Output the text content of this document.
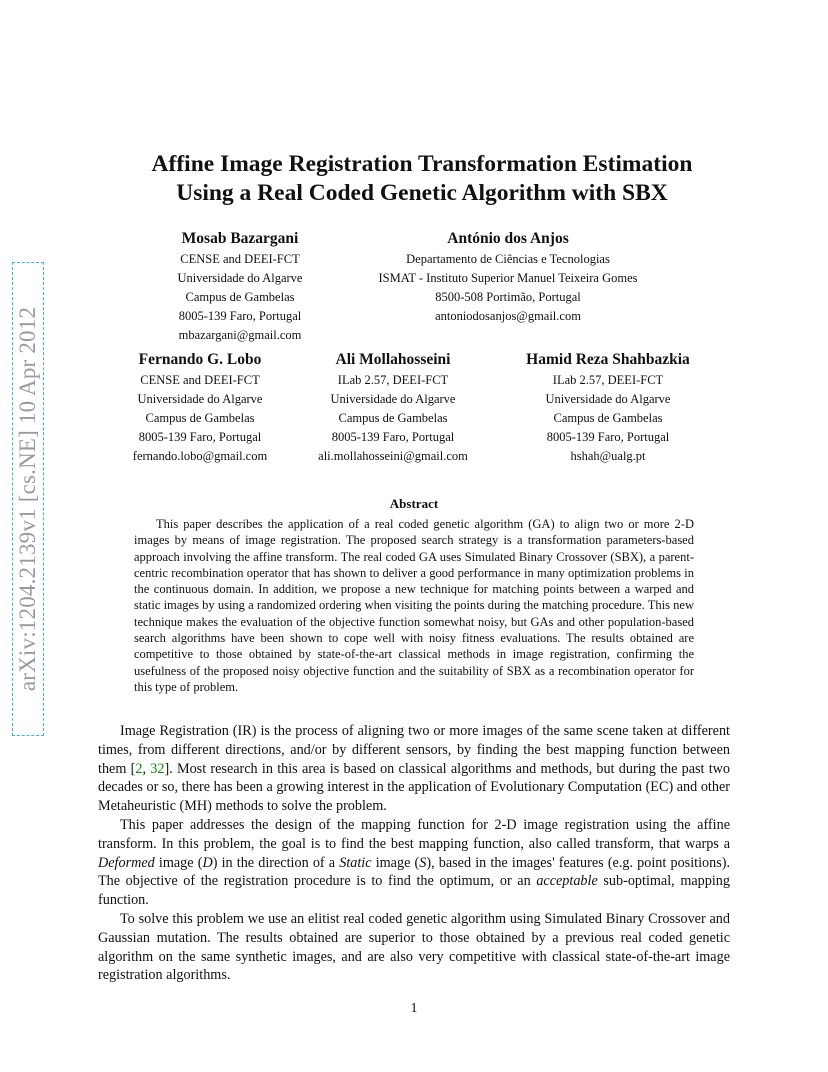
arXiv:1204.2139v1 [cs.NE] 10 Apr 2012
Affine Image Registration Transformation Estimation
Using a Real Coded Genetic Algorithm with SBX
Mosab Bazargani
CENSE and DEEI-FCT
Universidade do Algarve
Campus de Gambelas
8005-139 Faro, Portugal
mbazargani@gmail.com
António dos Anjos
Departamento de Ciências e Tecnologias
ISMAT - Instituto Superior Manuel Teixeira Gomes
8500-508 Portimão, Portugal
antoniodosanjos@gmail.com
Fernando G. Lobo
CENSE and DEEI-FCT
Universidade do Algarve
Campus de Gambelas
8005-139 Faro, Portugal
fernando.lobo@gmail.com
Ali Mollahosseini
ILab 2.57, DEEI-FCT
Universidade do Algarve
Campus de Gambelas
8005-139 Faro, Portugal
ali.mollahosseini@gmail.com
Hamid Reza Shahbazkia
ILab 2.57, DEEI-FCT
Universidade do Algarve
Campus de Gambelas
8005-139 Faro, Portugal
hshah@ualg.pt
Abstract
This paper describes the application of a real coded genetic algorithm (GA) to align two or more 2-D images by means of image registration. The proposed search strategy is a transformation parameters-based approach involving the affine transform. The real coded GA uses Simulated Binary Crossover (SBX), a parent-centric recombination operator that has shown to deliver a good performance in many optimization problems in the continuous domain. In addition, we propose a new technique for matching points between a warped and static images by using a randomized ordering when visiting the points during the matching procedure. This new technique makes the evaluation of the objective function somewhat noisy, but GAs and other population-based search algorithms have been shown to cope well with noisy fitness evaluations. The results obtained are competitive to those obtained by state-of-the-art classical methods in image registration, confirming the usefulness of the proposed noisy objective function and the suitability of SBX as a recombination operator for this type of problem.

Image Registration (IR) is the process of aligning two or more images of the same scene taken at different times, from different directions, and/or by different sensors, by finding the best mapping function between them [2, 32]. Most research in this area is based on classical algorithms and methods, but during the past two decades or so, there has been a growing interest in the application of Evolutionary Computation (EC) and other Metaheuristic (MH) methods to solve the problem.

This paper addresses the design of the mapping function for 2-D image registration using the affine transform. In this problem, the goal is to find the best mapping function, also called transform, that warps a Deformed image (D) in the direction of a Static image (S), based in the images' features (e.g. point positions). The objective of the registration procedure is to find the optimum, or an acceptable sub-optimal, mapping function.

To solve this problem we use an elitist real coded genetic algorithm using Simulated Binary Crossover and Gaussian mutation. The results obtained are superior to those obtained by a previous real coded genetic algorithm on the same synthetic images, and are also very competitive with classical state-of-the-art image registration algorithms.

1
